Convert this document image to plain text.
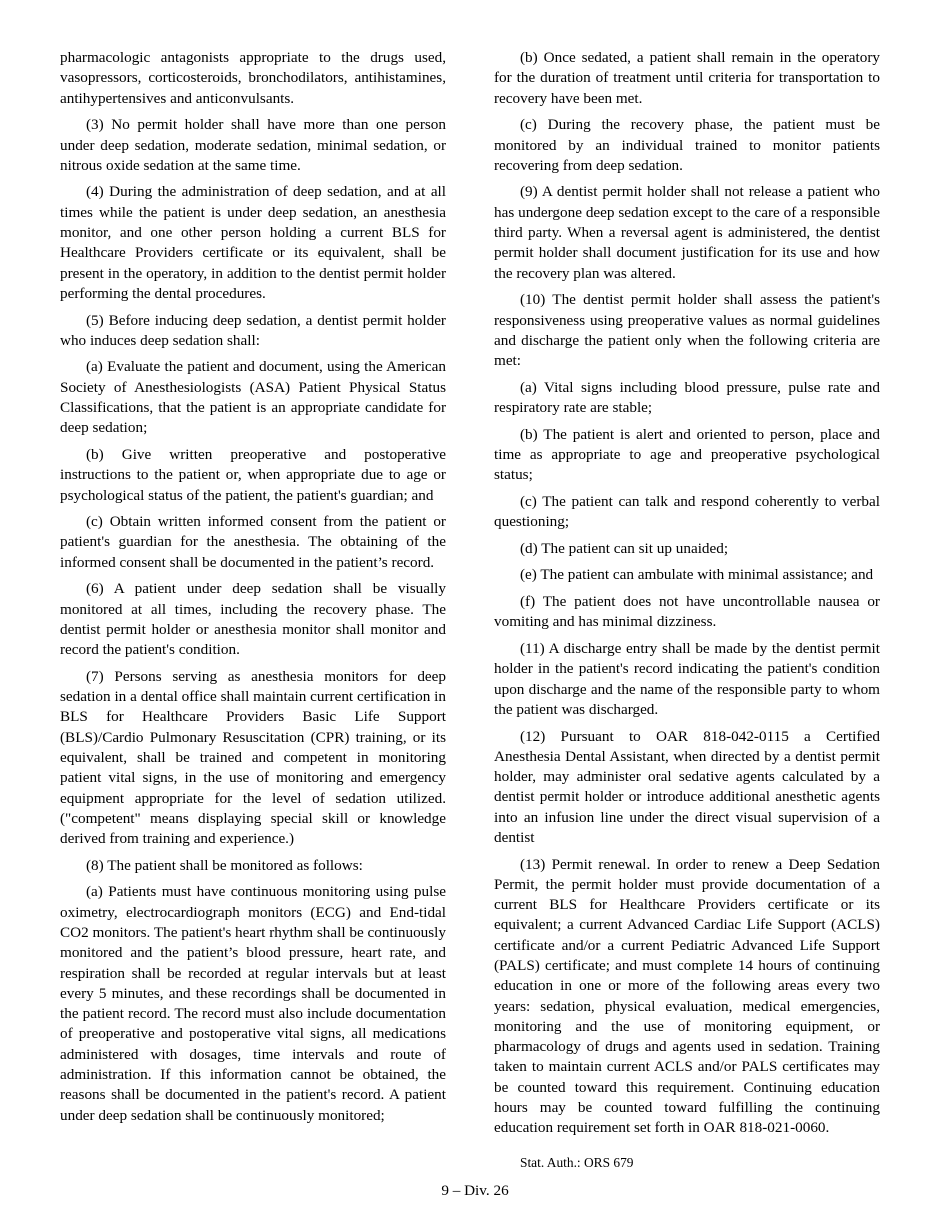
pharmacologic antagonists appropriate to the drugs used, vasopressors, corticosteroids, bronchodilators, antihistamines, antihypertensives and anticonvulsants.

(3) No permit holder shall have more than one person under deep sedation, moderate sedation, minimal sedation, or nitrous oxide sedation at the same time.

(4) During the administration of deep sedation, and at all times while the patient is under deep sedation, an anesthesia monitor, and one other person holding a current BLS for Healthcare Providers certificate or its equivalent, shall be present in the operatory, in addition to the dentist permit holder performing the dental procedures.

(5) Before inducing deep sedation, a dentist permit holder who induces deep sedation shall:

(a) Evaluate the patient and document, using the American Society of Anesthesiologists (ASA) Patient Physical Status Classifications, that the patient is an appropriate candidate for deep sedation;

(b) Give written preoperative and postoperative instructions to the patient or, when appropriate due to age or psychological status of the patient, the patient's guardian; and

(c) Obtain written informed consent from the patient or patient's guardian for the anesthesia. The obtaining of the informed consent shall be documented in the patient’s record.

(6) A patient under deep sedation shall be visually monitored at all times, including the recovery phase. The dentist permit holder or anesthesia monitor shall monitor and record the patient's condition.

(7) Persons serving as anesthesia monitors for deep sedation in a dental office shall maintain current certification in BLS for Healthcare Providers Basic Life Support (BLS)/Cardio Pulmonary Resuscitation (CPR) training, or its equivalent, shall be trained and competent in monitoring patient vital signs, in the use of monitoring and emergency equipment appropriate for the level of sedation utilized. ("competent" means displaying special skill or knowledge derived from training and experience.)

(8) The patient shall be monitored as follows:

(a) Patients must have continuous monitoring using pulse oximetry, electrocardiograph monitors (ECG) and End-tidal CO2 monitors. The patient's heart rhythm shall be continuously monitored and the patient’s blood pressure, heart rate, and respiration shall be recorded at regular intervals but at least every 5 minutes, and these recordings shall be documented in the patient record. The record must also include documentation of preoperative and postoperative vital signs, all medications administered with dosages, time intervals and route of administration. If this information cannot be obtained, the reasons shall be documented in the patient's record. A patient under deep sedation shall be continuously monitored;

(b) Once sedated, a patient shall remain in the operatory for the duration of treatment until criteria for transportation to recovery have been met.

(c) During the recovery phase, the patient must be monitored by an individual trained to monitor patients recovering from deep sedation.

(9) A dentist permit holder shall not release a patient who has undergone deep sedation except to the care of a responsible third party. When a reversal agent is administered, the dentist permit holder shall document justification for its use and how the recovery plan was altered.

(10) The dentist permit holder shall assess the patient's responsiveness using preoperative values as normal guidelines and discharge the patient only when the following criteria are met:

(a) Vital signs including blood pressure, pulse rate and respiratory rate are stable;

(b) The patient is alert and oriented to person, place and time as appropriate to age and preoperative psychological status;

(c) The patient can talk and respond coherently to verbal questioning;

(d) The patient can sit up unaided;

(e) The patient can ambulate with minimal assistance; and

(f) The patient does not have uncontrollable nausea or vomiting and has minimal dizziness.

(11) A discharge entry shall be made by the dentist permit holder in the patient's record indicating the patient's condition upon discharge and the name of the responsible party to whom the patient was discharged.

(12) Pursuant to OAR 818-042-0115 a Certified Anesthesia Dental Assistant, when directed by a dentist permit holder, may administer oral sedative agents calculated by a dentist permit holder or introduce additional anesthetic agents into an infusion line under the direct visual supervision of a dentist

(13) Permit renewal. In order to renew a Deep Sedation Permit, the permit holder must provide documentation of a current BLS for Healthcare Providers certificate or its equivalent; a current Advanced Cardiac Life Support (ACLS) certificate and/or a current Pediatric Advanced Life Support (PALS) certificate; and must complete 14 hours of continuing education in one or more of the following areas every two years: sedation, physical evaluation, medical emergencies, monitoring and the use of monitoring equipment, or pharmacology of drugs and agents used in sedation. Training taken to maintain current ACLS and/or PALS certificates may be counted toward this requirement. Continuing education hours may be counted toward fulfilling the continuing education requirement set forth in OAR 818-021-0060.

Stat. Auth.: ORS 679

9 – Div. 26
